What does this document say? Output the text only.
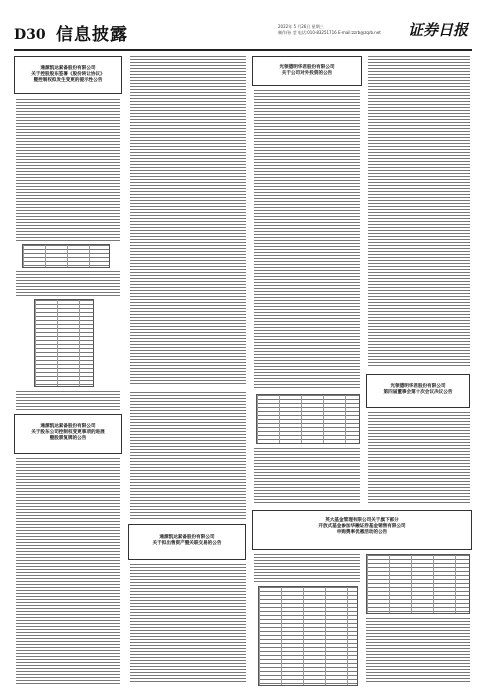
D30 信息披露	2022年 5 月26日 星期三
制作/孙 莹 电话:010-83251716 E-mail:zzrb@zqrb.net 证券日报
通源凯达紧备股份有限公司
关于控股股东签署《股份转让协议》
暨控制权拟发生变更的提示性公告
通源凯达紧备股份有限公司
关于股东公司控制权变更事项的进展
暨股票复牌的公告
通源凯达紧备股份有限公司
关于拟出售资产暨关联交易的公告
光领德明华君股份有限公司
关于公司对外投资的公告
光领德明华君股份有限公司
第四届董事会第十次会议决议公告
英大基金管理有限公司关于旗下部分
开放式基金参加华融证券基金销售有限公司
申购费率优惠活动的公告
